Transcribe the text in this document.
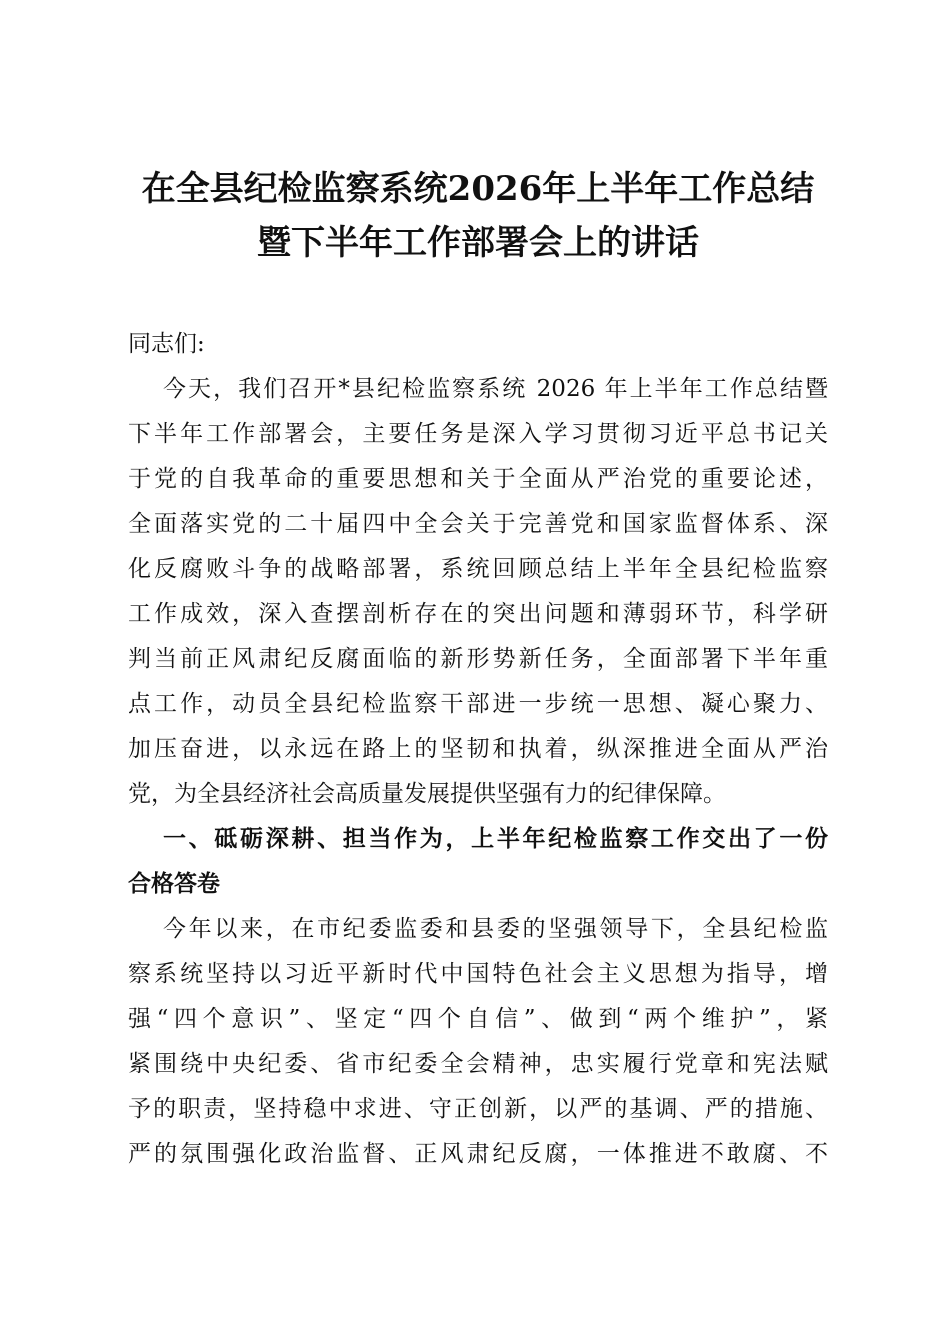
在全县纪检监察系统2026年上半年工作总结
暨下半年工作部署会上的讲话
同志们:
今天，我们召开*县纪检监察系统 2026 年上半年工作总结暨
下半年工作部署会，主要任务是深入学习贯彻习近平总书记关
于党的自我革命的重要思想和关于全面从严治党的重要论述，
全面落实党的二十届四中全会关于完善党和国家监督体系、深
化反腐败斗争的战略部署，系统回顾总结上半年全县纪检监察
工作成效，深入查摆剖析存在的突出问题和薄弱环节，科学研
判当前正风肃纪反腐面临的新形势新任务，全面部署下半年重
点工作，动员全县纪检监察干部进一步统一思想、凝心聚力、
加压奋进，以永远在路上的坚韧和执着，纵深推进全面从严治
党，为全县经济社会高质量发展提供坚强有力的纪律保障。
一、砥砺深耕、担当作为，上半年纪检监察工作交出了一份
合格答卷
今年以来，在市纪委监委和县委的坚强领导下，全县纪检监
察系统坚持以习近平新时代中国特色社会主义思想为指导，增
强“四个意识”、坚定“四个自信”、做到“两个维护”，紧
紧围绕中央纪委、省市纪委全会精神，忠实履行党章和宪法赋
予的职责，坚持稳中求进、守正创新，以严的基调、严的措施、
严的氛围强化政治监督、正风肃纪反腐，一体推进不敢腐、不
